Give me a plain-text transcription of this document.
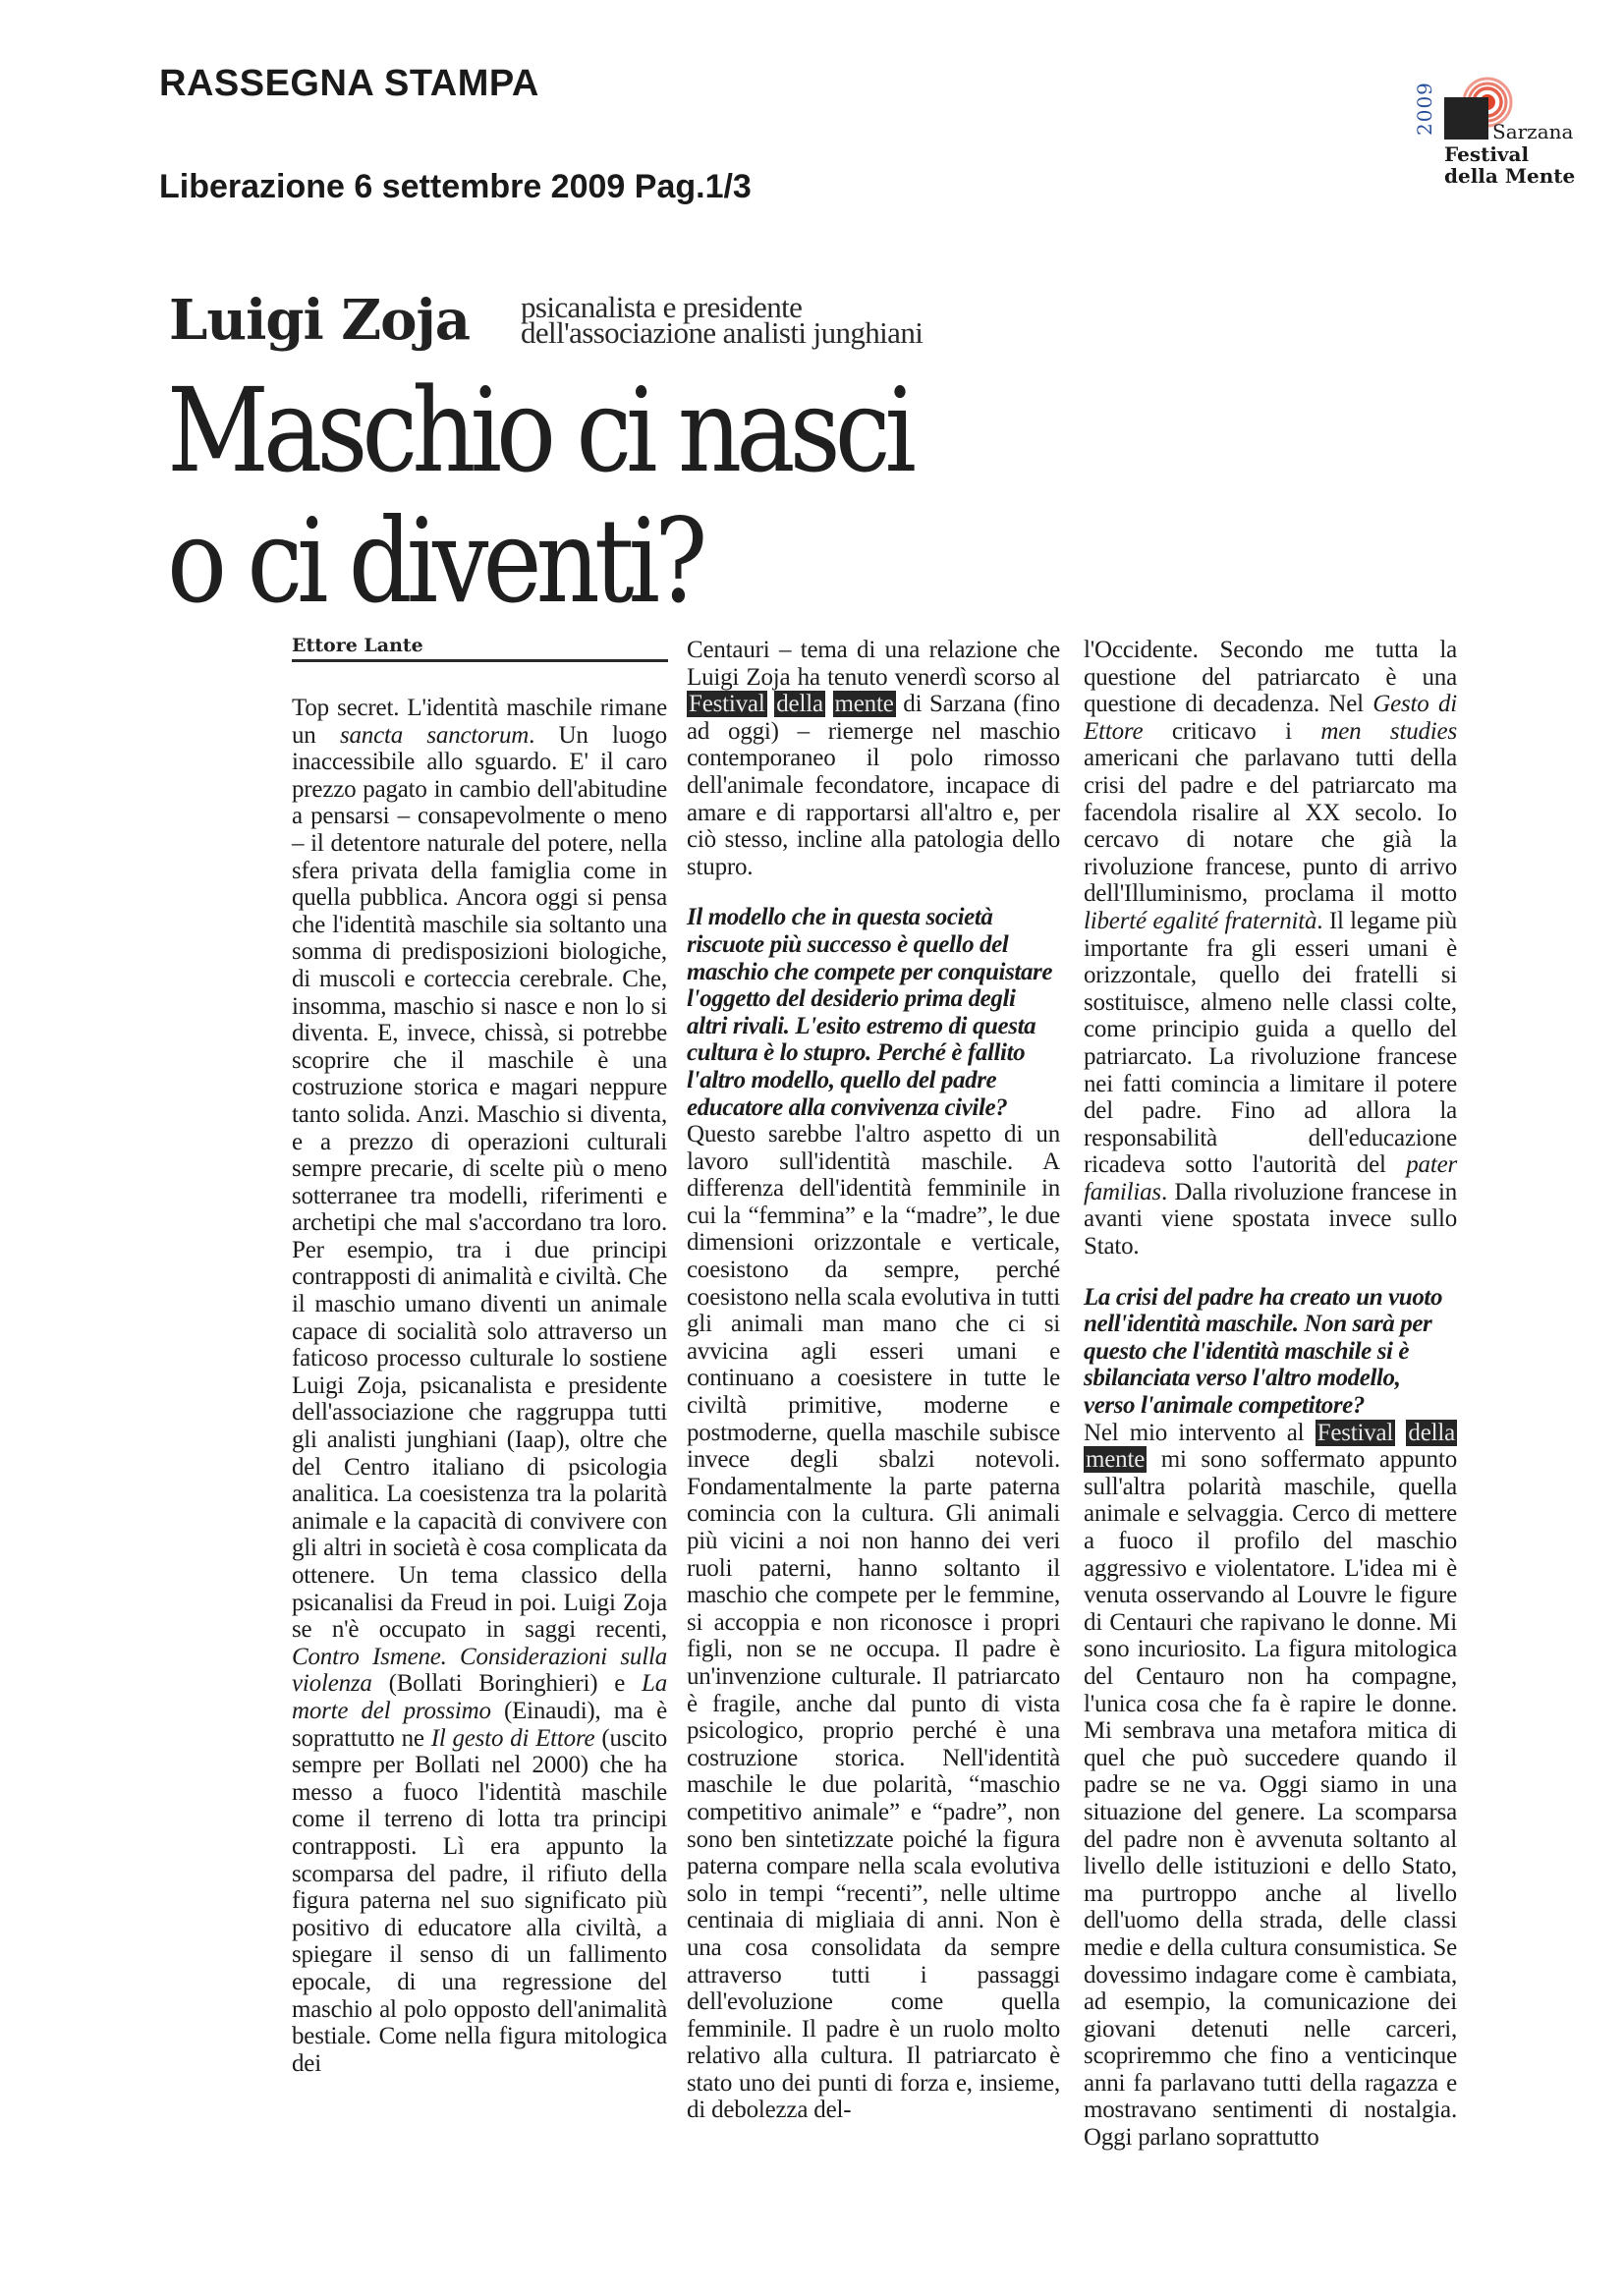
RASSEGNA STAMPA
Liberazione 6 settembre 2009 Pag.1/3
2009	Sarzana
Festival
della Mente
Luigi Zoja psicanalista e presidente
dell'associazione analisti junghiani
Maschio ci nasci
o ci diventi?
Ettore Lante

Top secret. L'identità maschile rimane un sancta sanctorum. Un luogo inaccessibile allo sguardo. E' il caro prezzo pagato in cambio dell'abitudine a pensarsi – consapevolmente o meno – il detentore naturale del potere, nella sfera privata della famiglia come in quella pubblica. Ancora oggi si pensa che l'identità maschile sia soltanto una somma di predisposizioni biologiche, di muscoli e corteccia cerebrale. Che, insomma, maschio si nasce e non lo si diventa. E, invece, chissà, si potrebbe scoprire che il maschile è una costruzione storica e magari neppure tanto solida. Anzi. Maschio si diventa, e a prezzo di operazioni culturali sempre precarie, di scelte più o meno sotterranee tra modelli, riferimenti e archetipi che mal s'accordano tra loro. Per esempio, tra i due principi contrapposti di animalità e civiltà. Che il maschio umano diventi un animale capace di socialità solo attraverso un faticoso processo culturale lo sostiene Luigi Zoja, psicanalista e presidente dell'associazione che raggruppa tutti gli analisti junghiani (Iaap), oltre che del Centro italiano di psicologia analitica. La coesistenza tra la polarità animale e la capacità di convivere con gli altri in società è cosa complicata da ottenere. Un tema classico della psicanalisi da Freud in poi. Luigi Zoja se n'è occupato in saggi recenti, Contro Ismene. Considerazioni sulla violenza (Bollati Boringhieri) e La morte del prossimo (Einaudi), ma è soprattutto ne Il gesto di Ettore (uscito sempre per Bollati nel 2000) che ha messo a fuoco l'identità maschile come il terreno di lotta tra principi contrapposti. Lì era appunto la scomparsa del padre, il rifiuto della figura paterna nel suo significato più positivo di educatore alla civiltà, a spiegare il senso di un fallimento epocale, di una regressione del maschio al polo opposto dell'animalità bestiale. Come nella figura mitologica dei

Centauri – tema di una relazione che Luigi Zoja ha tenuto venerdì scorso al Festival della mente di Sarzana (fino ad oggi) – riemerge nel maschio contemporaneo il polo rimosso dell'animale fecondatore, incapace di amare e di rapportarsi all'altro e, per ciò stesso, incline alla patologia dello stupro.

Il modello che in questa società riscuote più successo è quello del maschio che compete per conquistare l'oggetto del desiderio prima degli altri rivali. L'esito estremo di questa cultura è lo stupro. Perché è fallito l'altro modello, quello del padre educatore alla convivenza civile?

Questo sarebbe l'altro aspetto di un lavoro sull'identità maschile. A differenza dell'identità femminile in cui la “femmina” e la “madre”, le due dimensioni orizzontale e verticale, coesistono da sempre, perché coesistono nella scala evolutiva in tutti gli animali man mano che ci si avvicina agli esseri umani e continuano a coesistere in tutte le civiltà primitive, moderne e postmoderne, quella maschile subisce invece degli sbalzi notevoli. Fondamentalmente la parte paterna comincia con la cultura. Gli animali più vicini a noi non hanno dei veri ruoli paterni, hanno soltanto il maschio che compete per le femmine, si accoppia e non riconosce i propri figli, non se ne occupa. Il padre è un'invenzione culturale. Il patriarcato è fragile, anche dal punto di vista psicologico, proprio perché è una costruzione storica. Nell'identità maschile le due polarità, “maschio competitivo animale” e “padre”, non sono ben sintetizzate poiché la figura paterna compare nella scala evolutiva solo in tempi “recenti”, nelle ultime centinaia di migliaia di anni. Non è una cosa consolidata da sempre attraverso tutti i passaggi dell'evoluzione come quella femminile. Il padre è un ruolo molto relativo alla cultura. Il patriarcato è stato uno dei punti di forza e, insieme, di debolezza del-

l'Occidente. Secondo me tutta la questione del patriarcato è una questione di decadenza. Nel Gesto di Ettore criticavo i men studies americani che parlavano tutti della crisi del padre e del patriarcato ma facendola risalire al XX secolo. Io cercavo di notare che già la rivoluzione francese, punto di arrivo dell'Illuminismo, proclama il motto liberté egalité fraternità. Il legame più importante fra gli esseri umani è orizzontale, quello dei fratelli si sostituisce, almeno nelle classi colte, come principio guida a quello del patriarcato. La rivoluzione francese nei fatti comincia a limitare il potere del padre. Fino ad allora la responsabilità dell'educazione ricadeva sotto l'autorità del pater familias. Dalla rivoluzione francese in avanti viene spostata invece sullo Stato.

La crisi del padre ha creato un vuoto nell'identità maschile. Non sarà per questo che l'identità maschile si è sbilanciata verso l'altro modello, verso l'animale competitore?

Nel mio intervento al Festival della mente mi sono soffermato appunto sull'altra polarità maschile, quella animale e selvaggia. Cerco di mettere a fuoco il profilo del maschio aggressivo e violentatore. L'idea mi è venuta osservando al Louvre le figure di Centauri che rapivano le donne. Mi sono incuriosito. La figura mitologica del Centauro non ha compagne, l'unica cosa che fa è rapire le donne. Mi sembrava una metafora mitica di quel che può succedere quando il padre se ne va. Oggi siamo in una situazione del genere. La scomparsa del padre non è avvenuta soltanto al livello delle istituzioni e dello Stato, ma purtroppo anche al livello dell'uomo della strada, delle classi medie e della cultura consumistica. Se dovessimo indagare come è cambiata, ad esempio, la comunicazione dei giovani detenuti nelle carceri, scopriremmo che fino a venticinque anni fa parlavano tutti della ragazza e mostravano sentimenti di nostalgia. Oggi parlano soprattutto
